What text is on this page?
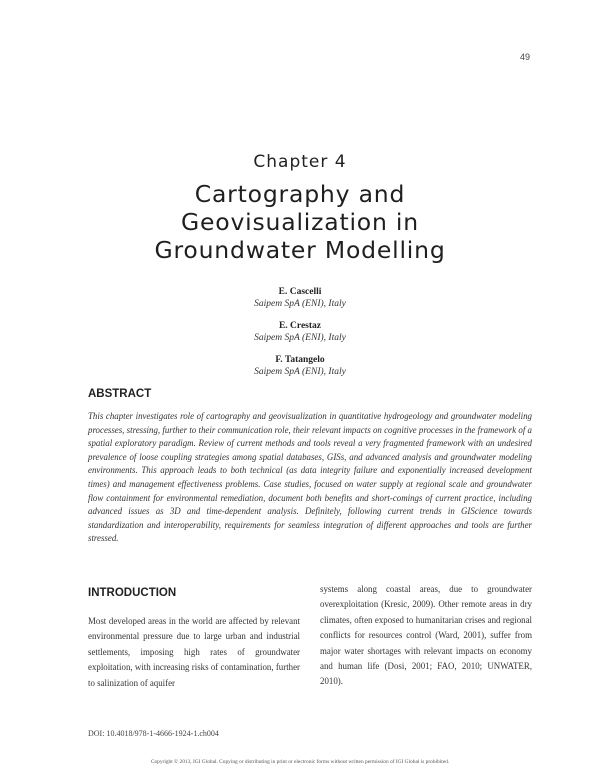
49
Chapter 4
Cartography and
Geovisualization in
Groundwater Modelling
E. Cascelli
Saipem SpA (ENI), Italy
E. Crestaz
Saipem SpA (ENI), Italy
F. Tatangelo
Saipem SpA (ENI), Italy
ABSTRACT

This chapter investigates role of cartography and geovisualization in quantitative hydrogeology and groundwater modeling processes, stressing, further to their communication role, their relevant impacts on cognitive processes in the framework of a spatial exploratory paradigm. Review of current methods and tools reveal a very fragmented framework with an undesired prevalence of loose coupling strategies among spatial databases, GISs, and advanced analysis and groundwater modeling environments. This approach leads to both technical (as data integrity failure and exponentially increased development times) and management effectiveness problems. Case studies, focused on water supply at regional scale and groundwater flow containment for environmental remediation, document both benefits and short-comings of current practice, including advanced issues as 3D and time-dependent analysis. Definitely, following current trends in GIScience towards standardization and interoperability, requirements for seamless integration of different approaches and tools are further stressed.

INTRODUCTION

Most developed areas in the world are affected by relevant environmental pressure due to large urban and industrial settlements, imposing high rates of groundwater exploitation, with increasing risks of contamination, further to salinization of aquifer

systems along coastal areas, due to groundwater overexploitation (Kresic, 2009). Other remote areas in dry climates, often exposed to humanitarian crises and regional conflicts for resources control (Ward, 2001), suffer from major water shortages with relevant impacts on economy and human life (Dosi, 2001; FAO, 2010; UNWATER, 2010).

DOI: 10.4018/978-1-4666-1924-1.ch004
Copyright © 2013, IGI Global. Copying or distributing in print or electronic forms without written permission of IGI Global is prohibited.
